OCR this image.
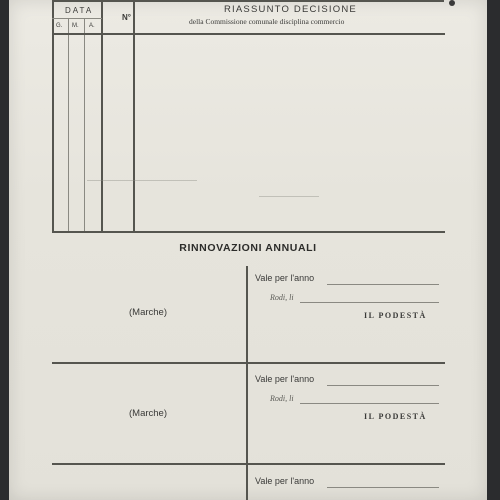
DATA
G. M. A.
N°
RIASSUNTO DECISIONE
della Commissione comunale disciplina commercio
RINNOVAZIONI ANNUALI
(Marche)
Vale per l'anno
Rodi, li
IL PODESTÀ
(Marche)
Vale per l'anno
Rodi, li
IL PODESTÀ
Vale per l'anno
